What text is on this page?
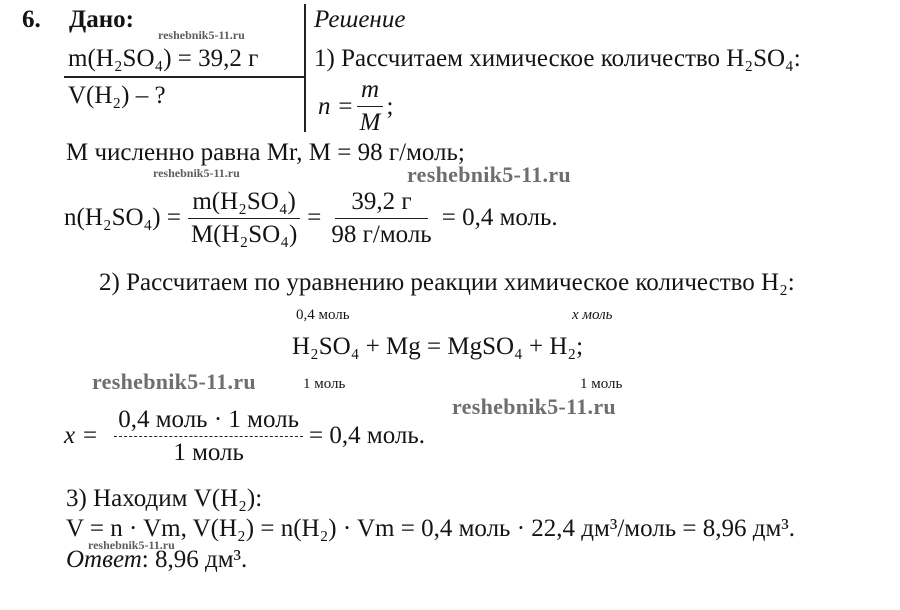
6. Дано:
reshebnik5-11.ru
Решение
m(H₂SO₄) = 39,2 г
V(H₂) – ?
1) Рассчитаем химическое количество H₂SO₄:
$n = \frac{m}{M}$ ;
M численно равна Mr, M = 98 г/моль;
reshebnik5-11.ru	reshebnik5-11.ru
$n(H_2SO_4) = \frac{\text{m(H₂SO₄)}}{\text{M(H₂SO₄)}} = \frac{39,2 г}{\text{98 г/моль}} = 0,4$ моль.
2) Рассчитаем по уравнению реакции химическое количество H₂:
0,4 моль	x моль
H₂SO₄ + Mg = MgSO₄ + H₂;
reshebnik5-11.ru	1 моль	1 моль
reshebnik5-11.ru
$x = \frac{\text{0,4 моль · 1 моль}}{\text{1 моль}} = 0,4$ моль.
3) Находим V(H₂):
V = n · Vm, V(H₂) = n(H₂) · Vm = 0,4 моль · 22,4 дм³/моль = 8,96 дм³.
reshebnik5-11.ru
Ответ: 8,96 дм³.
